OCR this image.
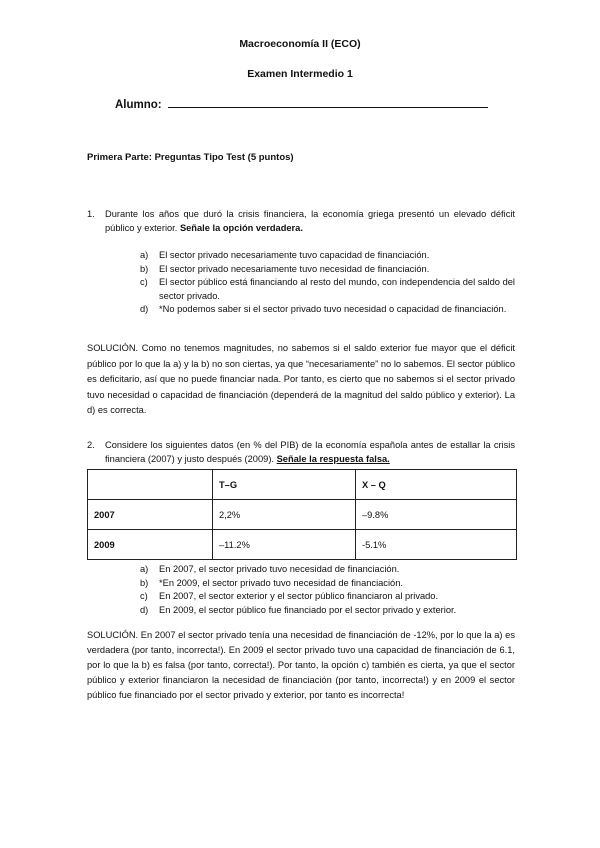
Macroeconomía II (ECO)
Examen Intermedio 1
Alumno:
Primera Parte: Preguntas Tipo Test (5 puntos)
1. Durante los años que duró la crisis financiera, la economía griega presentó un elevado déficit público y exterior. Señale la opción verdadera.
a) El sector privado necesariamente tuvo capacidad de financiación.
b) El sector privado necesariamente tuvo necesidad de financiación.
c) El sector público está financiando al resto del mundo, con independencia del saldo del sector privado.
d) *No podemos saber si el sector privado tuvo necesidad o capacidad de financiación.
SOLUCIÓN. Como no tenemos magnitudes, no sabemos si el saldo exterior fue mayor que el déficit público por lo que la a) y la b) no son ciertas, ya que “necesariamente” no lo sabemos. El sector público es deficitario, así que no puede financiar nada. Por tanto, es cierto que no sabemos si el sector privado tuvo necesidad o capacidad de financiación (dependerá de la magnitud del saldo público y exterior). La d) es correcta.
2. Considere los siguientes datos (en % del PIB) de la economía española antes de estallar la crisis financiera (2007) y justo después (2009). Señale la respuesta falsa.
	T–G	X – Q
2007	2,2%	–9.8%
2009	–11.2%	-5.1%
a) En 2007, el sector privado tuvo necesidad de financiación.
b) *En 2009, el sector privado tuvo necesidad de financiación.
c) En 2007, el sector exterior y el sector público financiaron al privado.
d) En 2009, el sector público fue financiado por el sector privado y exterior.
SOLUCIÓN. En 2007 el sector privado tenía una necesidad de financiación de -12%, por lo que la a) es verdadera (por tanto, incorrecta!). En 2009 el sector privado tuvo una capacidad de financiación de 6.1, por lo que la b) es falsa (por tanto, correcta!). Por tanto, la opción c) también es cierta, ya que el sector público y exterior financiaron la necesidad de financiación (por tanto, incorrecta!) y en 2009 el sector público fue financiado por el sector privado y exterior, por tanto es incorrecta!
